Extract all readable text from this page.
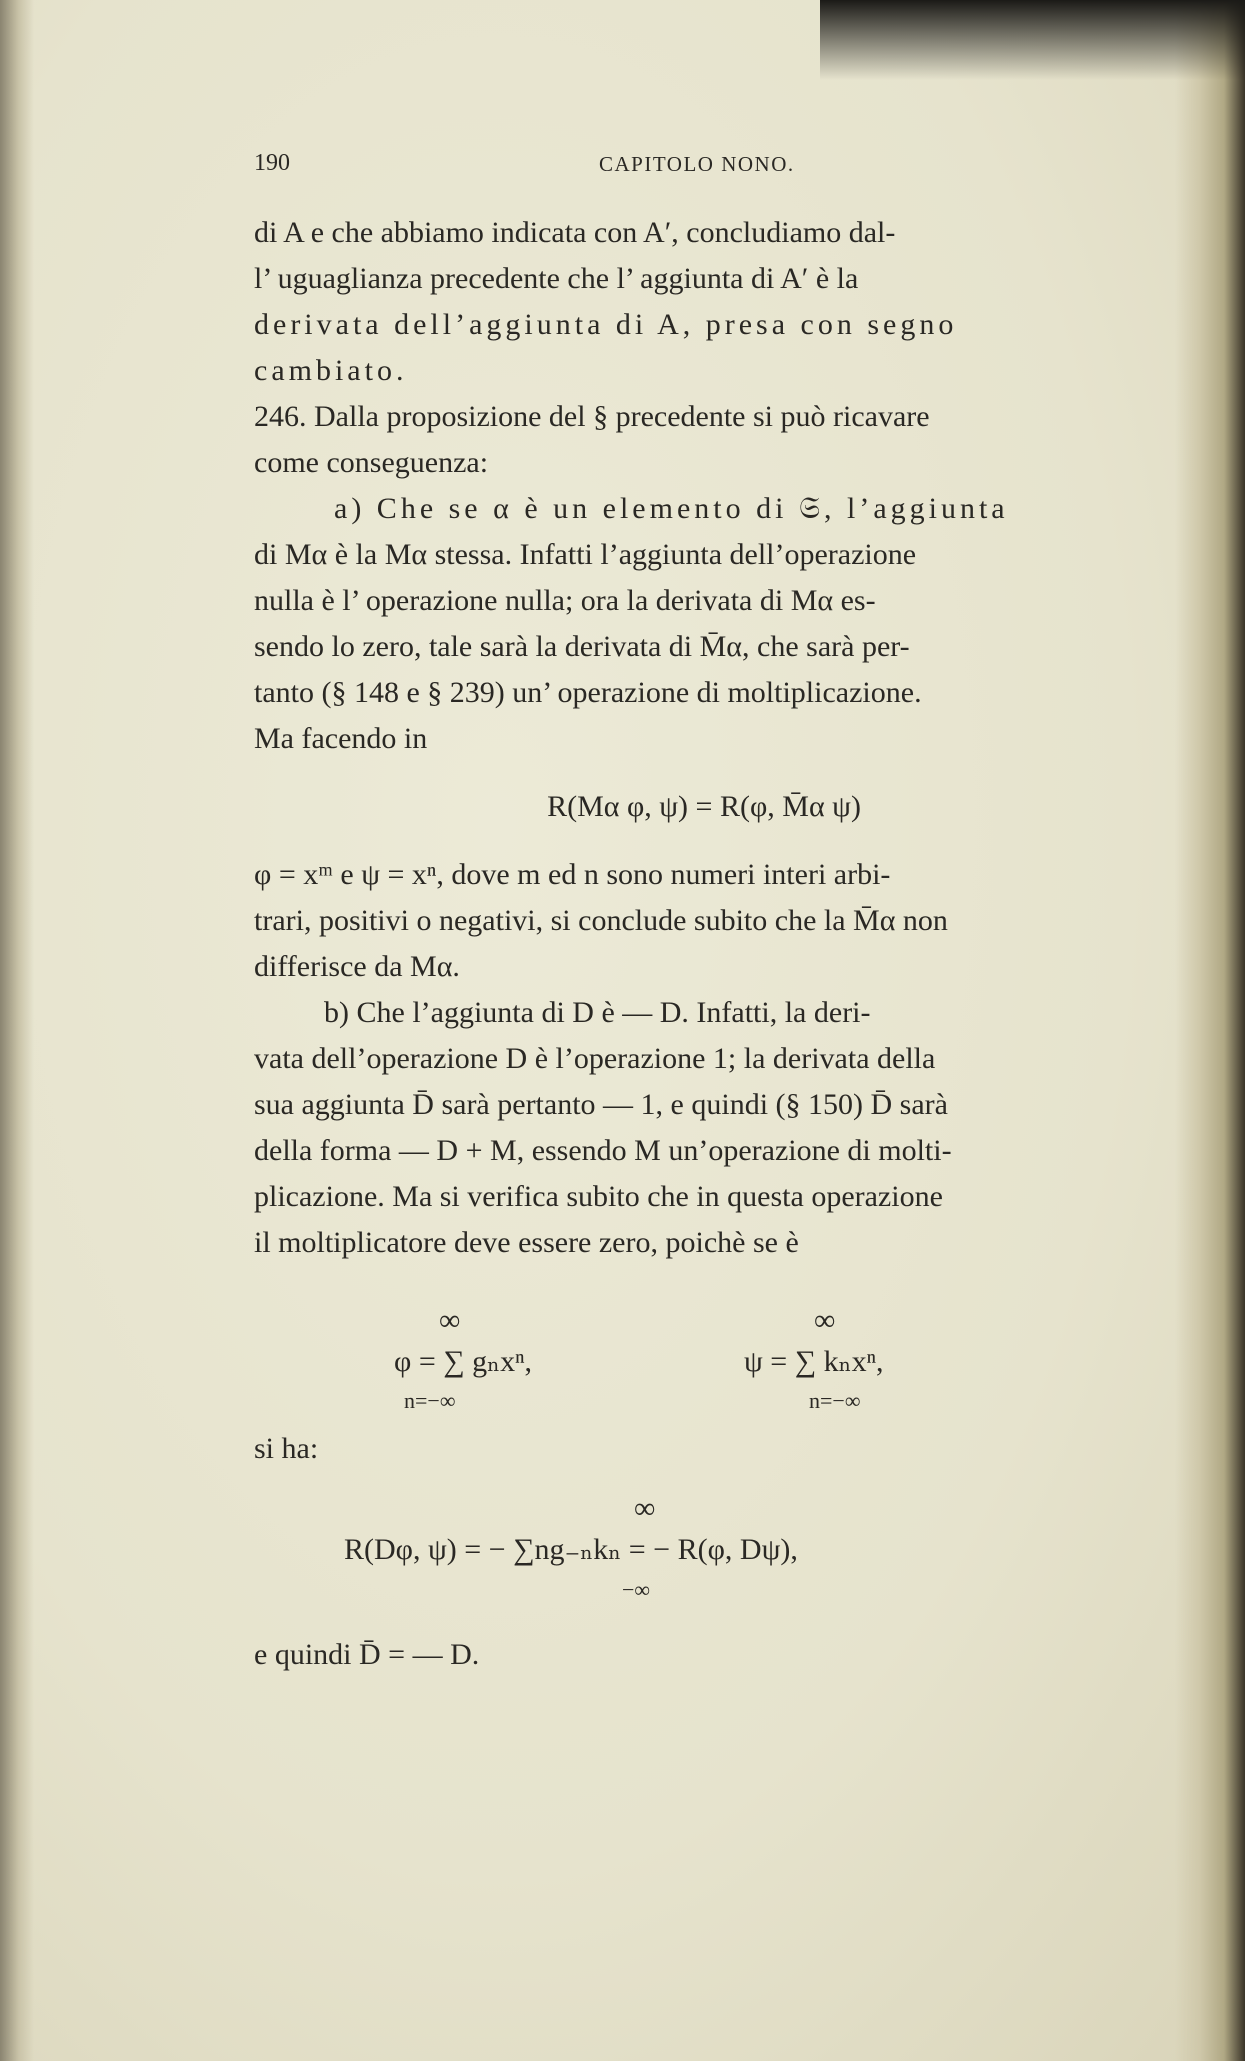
190	CAPITOLO NONO.
di A e che abbiamo indicata con A′, concludiamo dal-
l’ uguaglianza precedente che l’ aggiunta di A′ è la
derivata dell’aggiunta di A, presa con segno
cambiato.
246. Dalla proposizione del § precedente si può ricavare
come conseguenza:
a) Che se α è un elemento di 𝔖, l’aggiunta
di Mα è la Mα stessa. Infatti l’aggiunta dell’operazione
nulla è l’ operazione nulla; ora la derivata di Mα es-
sendo lo zero, tale sarà la derivata di M̄α, che sarà per-
tanto (§ 148 e § 239) un’ operazione di moltiplicazione.
Ma facendo in
R(Mα φ, ψ) = R(φ, M̄α ψ)
φ = xᵐ e ψ = xⁿ, dove m ed n sono numeri interi arbi-
trari, positivi o negativi, si conclude subito che la M̄α non
differisce da Mα.
b) Che l’aggiunta di D è — D. Infatti, la deri-
vata dell’operazione D è l’operazione 1; la derivata della
sua aggiunta D̄ sarà pertanto — 1, e quindi (§ 150) D̄ sarà
della forma — D + M, essendo M un’operazione di molti-
plicazione. Ma si verifica subito che in questa operazione
il moltiplicatore deve essere zero, poichè se è
∞
φ = ∑ gₙxⁿ,
n=−∞
∞
ψ = ∑ kₙxⁿ,
n=−∞
si ha:
∞
R(Dφ, ψ) = − ∑ng₋ₙkₙ = − R(φ, Dψ),
−∞
e quindi D̄ = — D.
